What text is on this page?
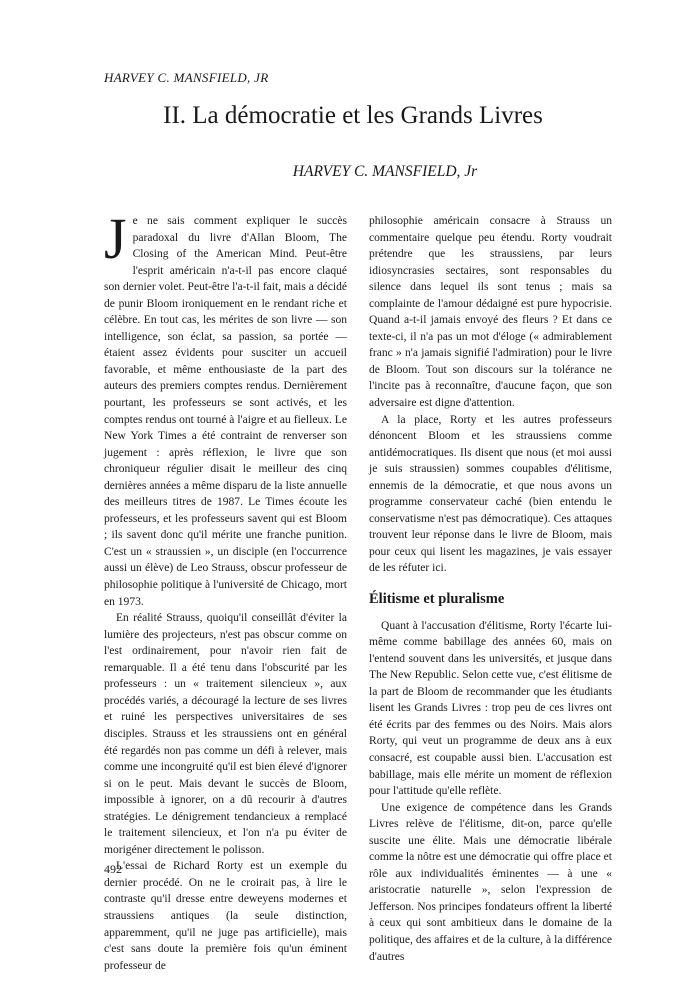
HARVEY C. MANSFIELD, JR
II. La démocratie et les Grands Livres
HARVEY C. MANSFIELD, Jr
J e ne sais comment expliquer le succès paradoxal du livre d'Allan Bloom, The Closing of the American Mind. Peut-être l'esprit américain n'a-t-il pas encore claqué son dernier volet. Peut-être l'a-t-il fait, mais a décidé de punir Bloom ironiquement en le rendant riche et célèbre. En tout cas, les mérites de son livre — son intelligence, son éclat, sa passion, sa portée — étaient assez évidents pour susciter un accueil favorable, et même enthousiaste de la part des auteurs des premiers comptes rendus. Dernièrement pourtant, les professeurs se sont activés, et les comptes rendus ont tourné à l'aigre et au fielleux. Le New York Times a été contraint de renverser son jugement : après réflexion, le livre que son chroniqueur régulier disait le meilleur des cinq dernières années a même disparu de la liste annuelle des meilleurs titres de 1987. Le Times écoute les professeurs, et les professeurs savent qui est Bloom ; ils savent donc qu'il mérite une franche punition. C'est un « straussien », un disciple (en l'occurrence aussi un élève) de Leo Strauss, obscur professeur de philosophie politique à l'université de Chicago, mort en 1973.

En réalité Strauss, quoiqu'il conseillât d'éviter la lumière des projecteurs, n'est pas obscur comme on l'est ordinairement, pour n'avoir rien fait de remarquable. Il a été tenu dans l'obscurité par les professeurs : un « traitement silencieux », aux procédés variés, a découragé la lecture de ses livres et ruiné les perspectives universitaires de ses disciples. Strauss et les straussiens ont en général été regardés non pas comme un défi à relever, mais comme une incongruité qu'il est bien élevé d'ignorer si on le peut. Mais devant le succès de Bloom, impossible à ignorer, on a dû recourir à d'autres stratégies. Le dénigrement tendancieux a remplacé le traitement silencieux, et l'on n'a pu éviter de morigéner directement le polisson.

L'essai de Richard Rorty est un exemple du dernier procédé. On ne le croirait pas, à lire le contraste qu'il dresse entre deweyens modernes et straussiens antiques (la seule distinction, apparemment, qu'il ne juge pas artificielle), mais c'est sans doute la première fois qu'un éminent professeur de

philosophie américain consacre à Strauss un commentaire quelque peu étendu. Rorty voudrait prétendre que les straussiens, par leurs idiosyncrasies sectaires, sont responsables du silence dans lequel ils sont tenus ; mais sa complainte de l'amour dédaigné est pure hypocrisie. Quand a-t-il jamais envoyé des fleurs ? Et dans ce texte-ci, il n'a pas un mot d'éloge (« admirablement franc » n'a jamais signifié l'admiration) pour le livre de Bloom. Tout son discours sur la tolérance ne l'incite pas à reconnaître, d'aucune façon, que son adversaire est digne d'attention.

A la place, Rorty et les autres professeurs dénoncent Bloom et les straussiens comme antidémocratiques. Ils disent que nous (et moi aussi je suis straussien) sommes coupables d'élitisme, ennemis de la démocratie, et que nous avons un programme conservateur caché (bien entendu le conservatisme n'est pas démocratique). Ces attaques trouvent leur réponse dans le livre de Bloom, mais pour ceux qui lisent les magazines, je vais essayer de les réfuter ici.

Élitisme et pluralisme

Quant à l'accusation d'élitisme, Rorty l'écarte lui-même comme babillage des années 60, mais on l'entend souvent dans les universités, et jusque dans The New Republic. Selon cette vue, c'est élitisme de la part de Bloom de recommander que les étudiants lisent les Grands Livres : trop peu de ces livres ont été écrits par des femmes ou des Noirs. Mais alors Rorty, qui veut un programme de deux ans à eux consacré, est coupable aussi bien. L'accusation est babillage, mais elle mérite un moment de réflexion pour l'attitude qu'elle reflète.

Une exigence de compétence dans les Grands Livres relève de l'élitisme, dit-on, parce qu'elle suscite une élite. Mais une démocratie libérale comme la nôtre est une démocratie qui offre place et rôle aux individualités éminentes — à une « aristocratie naturelle », selon l'expression de Jefferson. Nos principes fondateurs offrent la liberté à ceux qui sont ambitieux dans le domaine de la politique, des affaires et de la culture, à la différence d'autres

492
